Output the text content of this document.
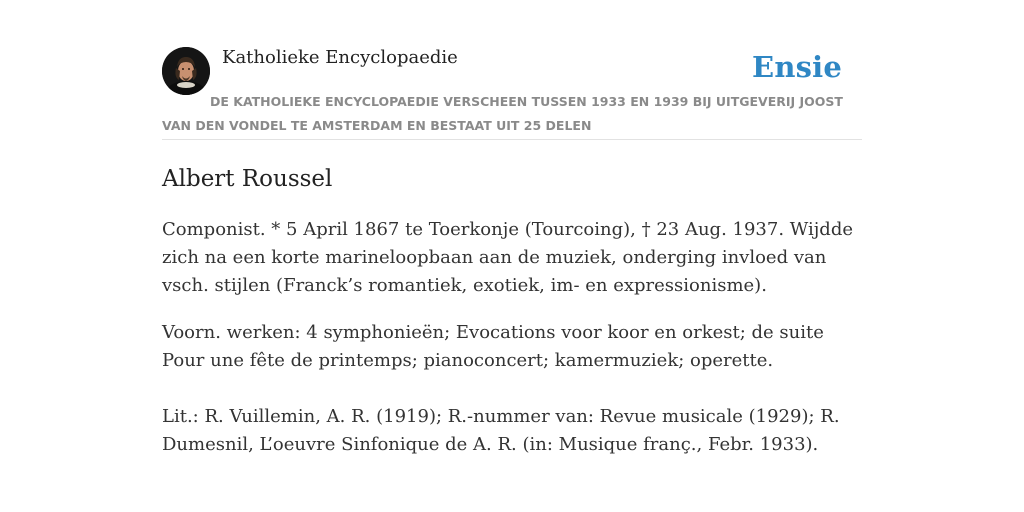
Katholieke Encyclopaedie	Ensie
DE KATHOLIEKE ENCYCLOPAEDIE VERSCHEEN TUSSEN 1933 EN 1939 BIJ UITGEVERIJ JOOST VAN DEN VONDEL TE AMSTERDAM EN BESTAAT UIT 25 DELEN
Albert Roussel

Componist. * 5 April 1867 te Toerkonje (Tourcoing), † 23 Aug. 1937. Wijdde zich na een korte marineloopbaan aan de muziek, onderging invloed van vsch. stijlen (Franck’s romantiek, exotiek, im- en expressionisme).

Voorn. werken: 4 symphonieën; Evocations voor koor en orkest; de suite Pour une fête de printemps; pianoconcert; kamermuziek; operette.

Lit.: R. Vuillemin, A. R. (1919); R.-nummer van: Revue musicale (1929); R. Dumesnil, L’oeuvre Sinfonique de A. R. (in: Musique franç., Febr. 1933).
